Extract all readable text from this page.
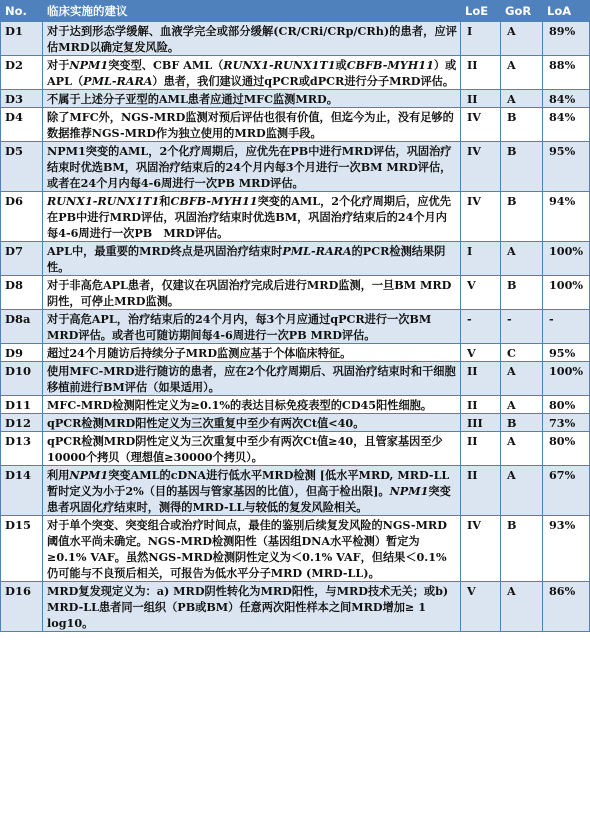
No.	临床实施的建议	LoE	GoR	LoA
D1	对于达到形态学缓解、血液学完全或部分缓解(CR/CRi/CRp/CRh)的患者，应评估MRD以确定复发风险。	I	A	89%
D2	对于NPM1突变型、CBF AML（RUNX1-RUNX1T1或CBFB-MYH11）或APL（PML-RARA）患者，我们建议通过qPCR或dPCR进行分子MRD评估。	II	A	88%
D3	不属于上述分子亚型的AML患者应通过MFC监测MRD。	II	A	84%
D4	除了MFC外，NGS-MRD监测对预后评估也很有价值，但迄今为止，没有足够的数据推荐NGS-MRD作为独立使用的MRD监测手段。	IV	B	84%
D5	NPM1突变的AML，2个化疗周期后，应优先在PB中进行MRD评估，巩固治疗结束时优选BM，巩固治疗结束后的24个月内每3个月进行一次BM MRD评估，或者在24个月内每4-6周进行一次PB MRD评估。	IV	B	95%
D6	RUNX1-RUNX1T1和CBFB-MYH11突变的AML，2个化疗周期后，应优先在PB中进行MRD评估，巩固治疗结束时优选BM，巩固治疗结束后的24个月内每4-6周进行一次PB　MRD评估。	IV	B	94%
D7	APL中，最重要的MRD终点是巩固治疗结束时PML-RARA的PCR检测结果阴性。	I	A	100%
D8	对于非高危APL患者，仅建议在巩固治疗完成后进行MRD监测，一旦BM MRD阴性，可停止MRD监测。	V	B	100%
D8a	对于高危APL，治疗结束后的24个月内，每3个月应通过qPCR进行一次BM　MRD评估。或者也可随访期间每4-6周进行一次PB MRD评估。	-	-	-
D9	超过24个月随访后持续分子MRD监测应基于个体临床特征。	V	C	95%
D10	使用MFC-MRD进行随访的患者，应在2个化疗周期后、巩固治疗结束时和干细胞移植前进行BM评估（如果适用）。	II	A	100%
D11	MFC-MRD检测阳性定义为≥0.1%的表达目标免疫表型的CD45阳性细胞。	II	A	80%
D12	qPCR检测MRD阳性定义为三次重复中至少有两次Ct值<40。	III	B	73%
D13	qPCR检测MRD阴性定义为三次重复中至少有两次Ct值≥40，且管家基因至少10000个拷贝（理想值≥30000个拷贝）。	II	A	80%
D14	利用NPM1突变AML的cDNA进行低水平MRD检测 [低水平MRD, MRD-LL暂时定义为小于2%（目的基因与管家基因的比值），但高于检出限]。NPM1突变患者巩固化疗结束时，测得的MRD-LL与较低的复发风险相关。	II	A	67%
D15	对于单个突变、突变组合或治疗时间点，最佳的鉴别后续复发风险的NGS-MRD阈值水平尚未确定。NGS-MRD检测阳性（基因组DNA水平检测）暂定为≥0.1% VAF。虽然NGS-MRD检测阴性定义为＜0.1% VAF，但结果＜0.1%仍可能与不良预后相关，可报告为低水平分子MRD (MRD-LL)。	IV	B	93%
D16	MRD复发现定义为：a) MRD阴性转化为MRD阳性，与MRD技术无关；或b) MRD-LL患者同一组织（PB或BM）任意两次阳性样本之间MRD增加≥ 1 log10。	V	A	86%
